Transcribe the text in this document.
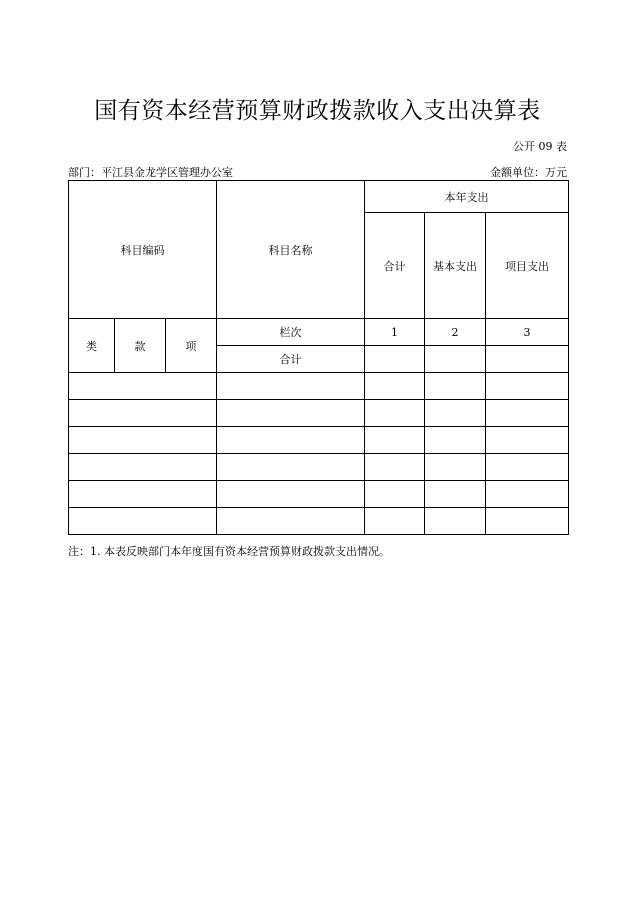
国有资本经营预算财政拨款收入支出决算表
公开 09 表
部门：平江县金龙学区管理办公室	金额单位：万元
科目编码			科目名称	本年支出		
				合计	基本支出	项目支出
类	款	项	栏次	1	2	3
			合计			

注：1. 本表反映部门本年度国有资本经营预算财政拨款支出情况。
